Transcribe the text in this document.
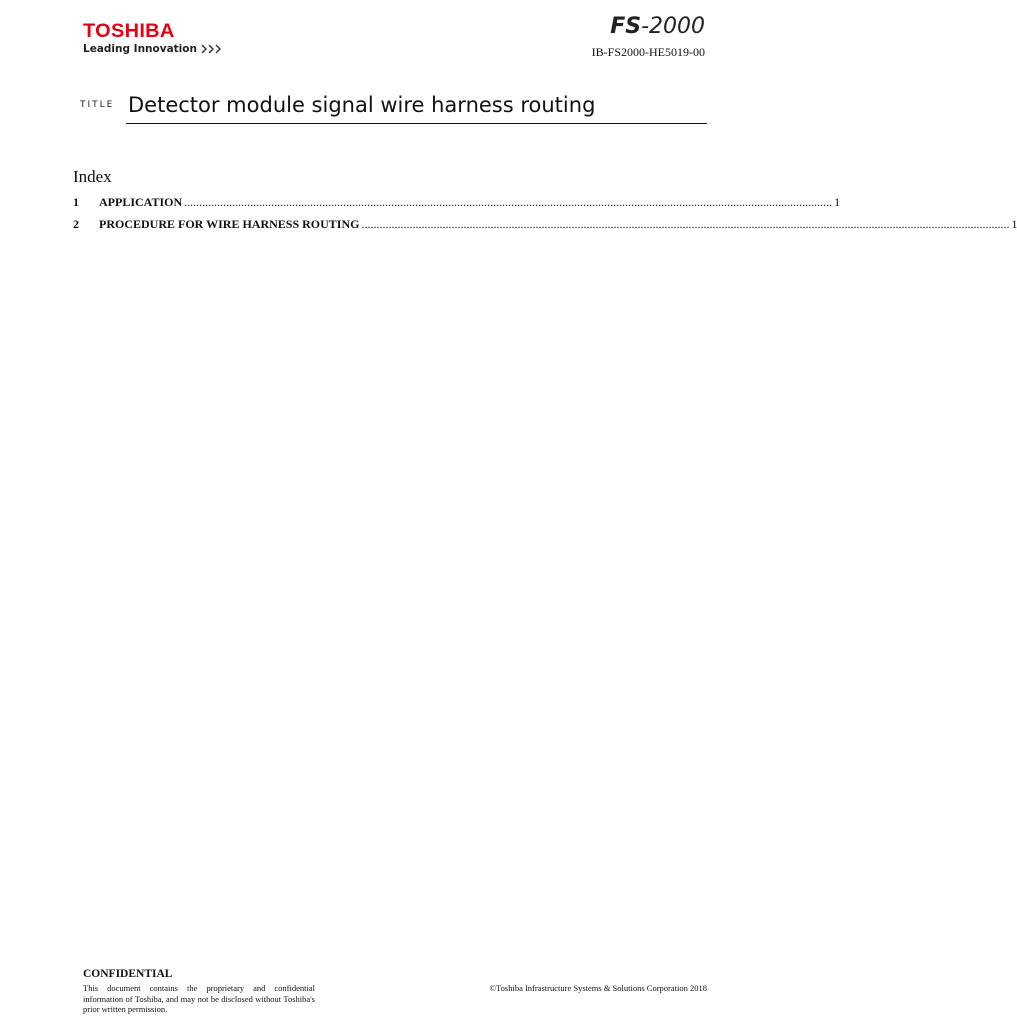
TOSHIBA
Leading Innovation
FS-2000
IB-FS2000-HE5019-00
TITLE Detector module signal wire harness routing
Index
1	APPLICATION ........................................................................................................................................................................................................................ 1
2	PROCEDURE FOR WIRE HARNESS ROUTING ........................................................................................................................................................................................................................ 1
CONFIDENTIAL
This document contains the proprietary and confidential information of Toshiba, and may not be disclosed without Toshiba's prior written permission.
©Toshiba Infrastructure Systems & Solutions Corporation 2018
